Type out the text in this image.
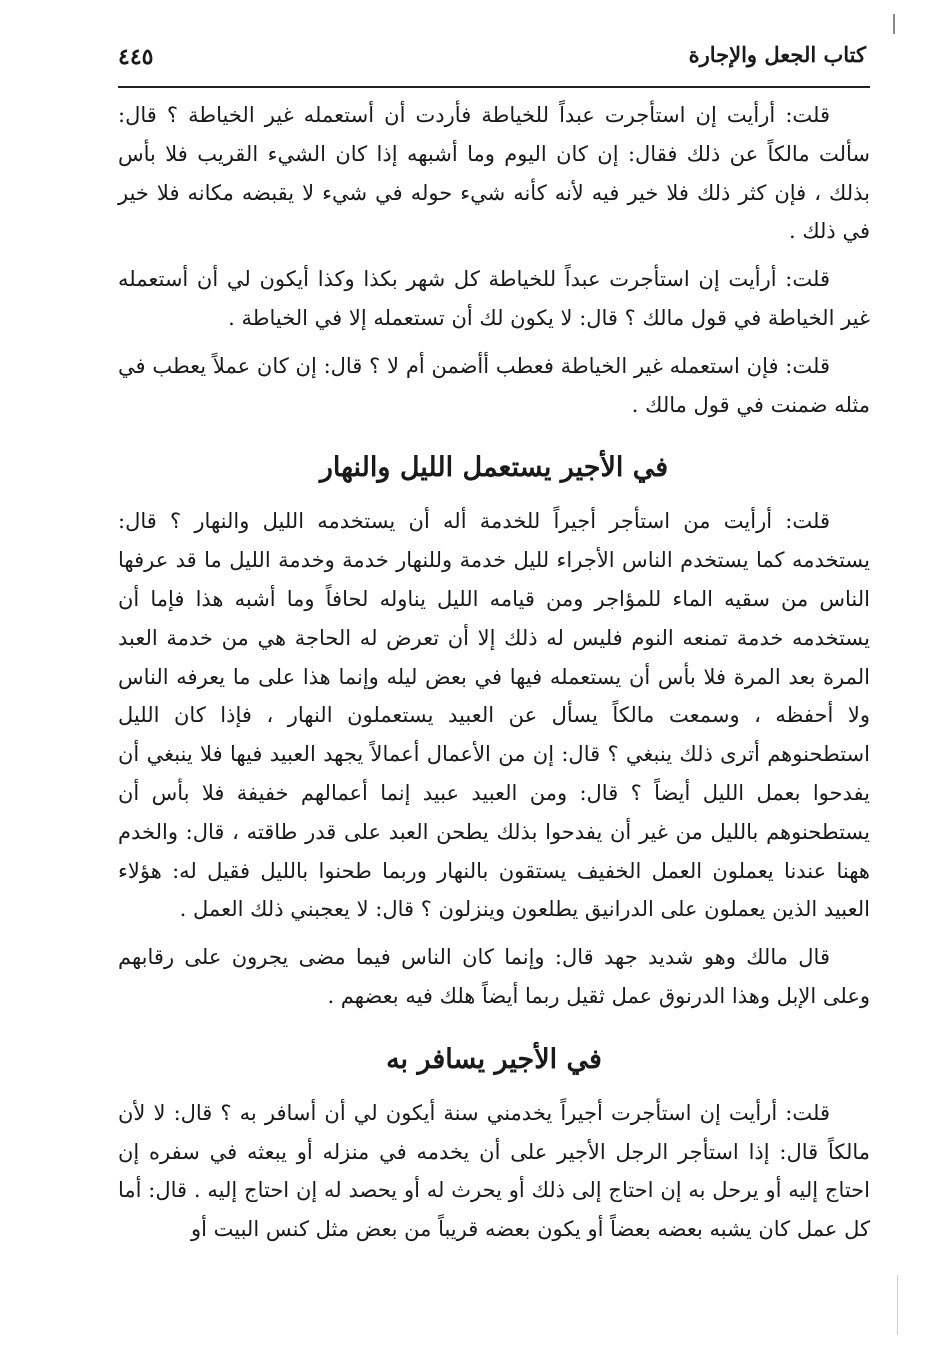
كتاب الجعل والإجارة
٤٤٥

قلت: أرأيت إن استأجرت عبداً للخياطة فأردت أن أستعمله غير الخياطة ؟ قال: سألت مالكاً عن ذلك فقال: إن كان اليوم وما أشبهه إذا كان الشيء القريب فلا بأس بذلك ، فإن كثر ذلك فلا خير فيه لأنه كأنه شيء حوله في شيء لا يقبضه مكانه فلا خير في ذلك .

قلت: أرأيت إن استأجرت عبداً للخياطة كل شهر بكذا وكذا أيكون لي أن أستعمله غير الخياطة في قول مالك ؟ قال: لا يكون لك أن تستعمله إلا في الخياطة .

قلت: فإن استعمله غير الخياطة فعطب أأضمن أم لا ؟ قال: إن كان عملاً يعطب في مثله ضمنت في قول مالك .

في الأجير يستعمل الليل والنهار

قلت: أرأيت من استأجر أجيراً للخدمة أله أن يستخدمه الليل والنهار ؟ قال: يستخدمه كما يستخدم الناس الأجراء لليل خدمة وللنهار خدمة وخدمة الليل ما قد عرفها الناس من سقيه الماء للمؤاجر ومن قيامه الليل يناوله لحافاً وما أشبه هذا فإما أن يستخدمه خدمة تمنعه النوم فليس له ذلك إلا أن تعرض له الحاجة هي من خدمة العبد المرة بعد المرة فلا بأس أن يستعمله فيها في بعض ليله وإنما هذا على ما يعرفه الناس ولا أحفظه ، وسمعت مالكاً يسأل عن العبيد يستعملون النهار ، فإذا كان الليل استطحنوهم أترى ذلك ينبغي ؟ قال: إن من الأعمال أعمالاً يجهد العبيد فيها فلا ينبغي أن يفدحوا بعمل الليل أيضاً ؟ قال: ومن العبيد عبيد إنما أعمالهم خفيفة فلا بأس أن يستطحنوهم بالليل من غير أن يفدحوا بذلك يطحن العبد على قدر طاقته ، قال: والخدم ههنا عندنا يعملون العمل الخفيف يستقون بالنهار وربما طحنوا بالليل فقيل له: هؤلاء العبيد الذين يعملون على الدرانيق يطلعون وينزلون ؟ قال: لا يعجبني ذلك العمل .

قال مالك وهو شديد جهد قال: وإنما كان الناس فيما مضى يجرون على رقابهم وعلى الإبل وهذا الدرنوق عمل ثقيل ربما أيضاً هلك فيه بعضهم .

في الأجير يسافر به

قلت: أرأيت إن استأجرت أجيراً يخدمني سنة أيكون لي أن أسافر به ؟ قال: لا لأن مالكاً قال: إذا استأجر الرجل الأجير على أن يخدمه في منزله أو يبعثه في سفره إن احتاج إليه أو يرحل به إن احتاج إلى ذلك أو يحرث له أو يحصد له إن احتاج إليه . قال: أما كل عمل كان يشبه بعضه بعضاً أو يكون بعضه قريباً من بعض مثل كنس البيت أو
